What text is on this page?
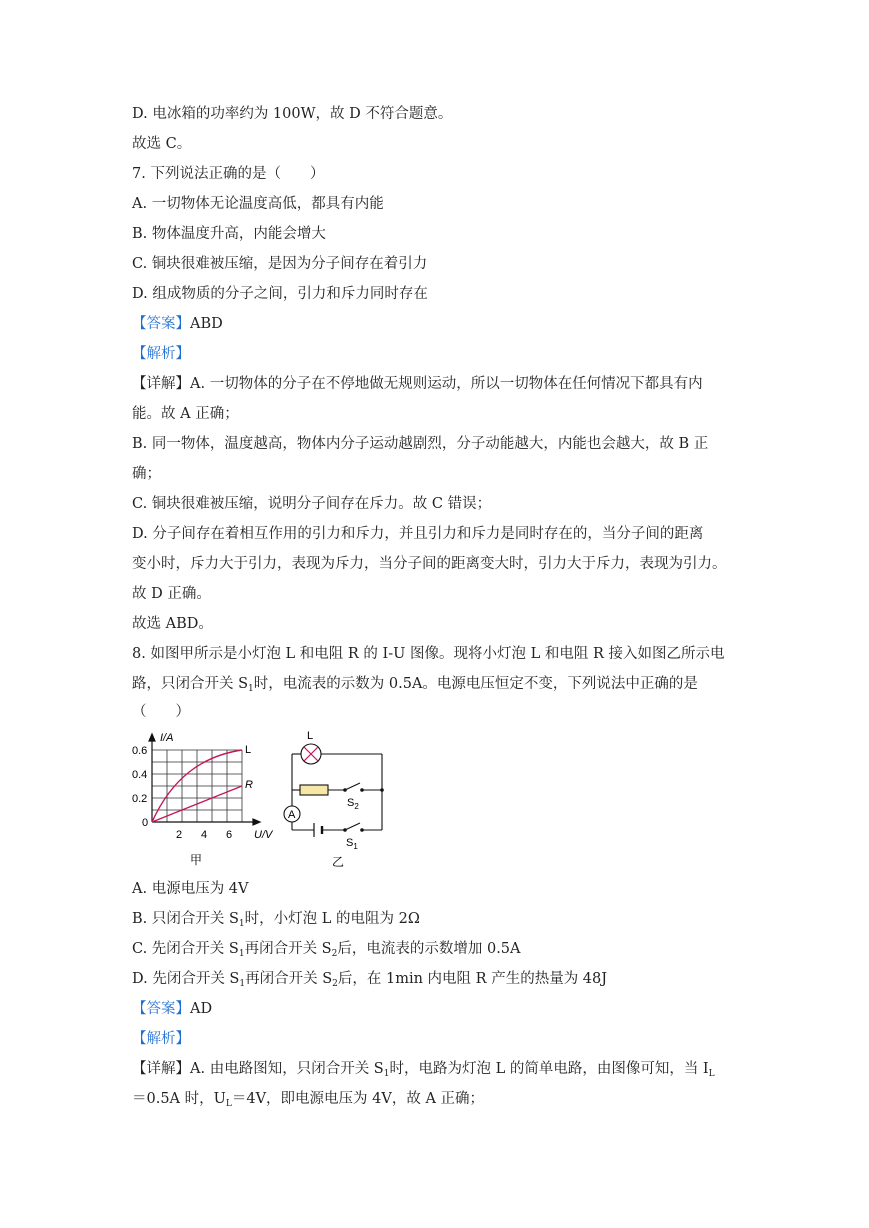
D. 电冰箱的功率约为 100W，故 D 不符合题意。
故选 C。
7. 下列说法正确的是（　　）
A. 一切物体无论温度高低，都具有内能
B. 物体温度升高，内能会增大
C. 铜块很难被压缩，是因为分子间存在着引力
D. 组成物质的分子之间，引力和斥力同时存在
【答案】ABD
【解析】
【详解】A. 一切物体的分子在不停地做无规则运动，所以一切物体在任何情况下都具有内
能。故 A 正确；
B. 同一物体，温度越高，物体内分子运动越剧烈，分子动能越大，内能也会越大，故 B 正
确；
C. 铜块很难被压缩，说明分子间存在斥力。故 C 错误；
D. 分子间存在着相互作用的引力和斥力，并且引力和斥力是同时存在的，当分子间的距离
变小时，斥力大于引力，表现为斥力，当分子间的距离变大时，引力大于斥力，表现为引力。
故 D 正确。
故选 ABD。
8. 如图甲所示是小灯泡 L 和电阻 R 的 I-U 图像。现将小灯泡 L 和电阻 R 接入如图乙所示电
路，只闭合开关 $S_1$时，电流表的示数为 0.5A。电源电压恒定不变，下列说法中正确的是
（　　）
I/A
0.6
0.4
0.2
0
2 4 6 U/V
L
R
甲
L
A
$S_2$
$S_1$
乙
A. 电源电压为 4V
B. 只闭合开关 $S_1$时，小灯泡 L 的电阻为 2Ω
C. 先闭合开关 $S_1$再闭合开关 $S_2$后，电流表的示数增加 0.5A
D. 先闭合开关 $S_1$再闭合开关 $S_2$后，在 1min 内电阻 R 产生的热量为 48J
【答案】AD
【解析】
【详解】A. 由电路图知，只闭合开关 $S_1$时，电路为灯泡 L 的简单电路，由图像可知，当 $I_L$
＝0.5A 时，$U_L=4V$，即电源电压为 4V，故 A 正确；
